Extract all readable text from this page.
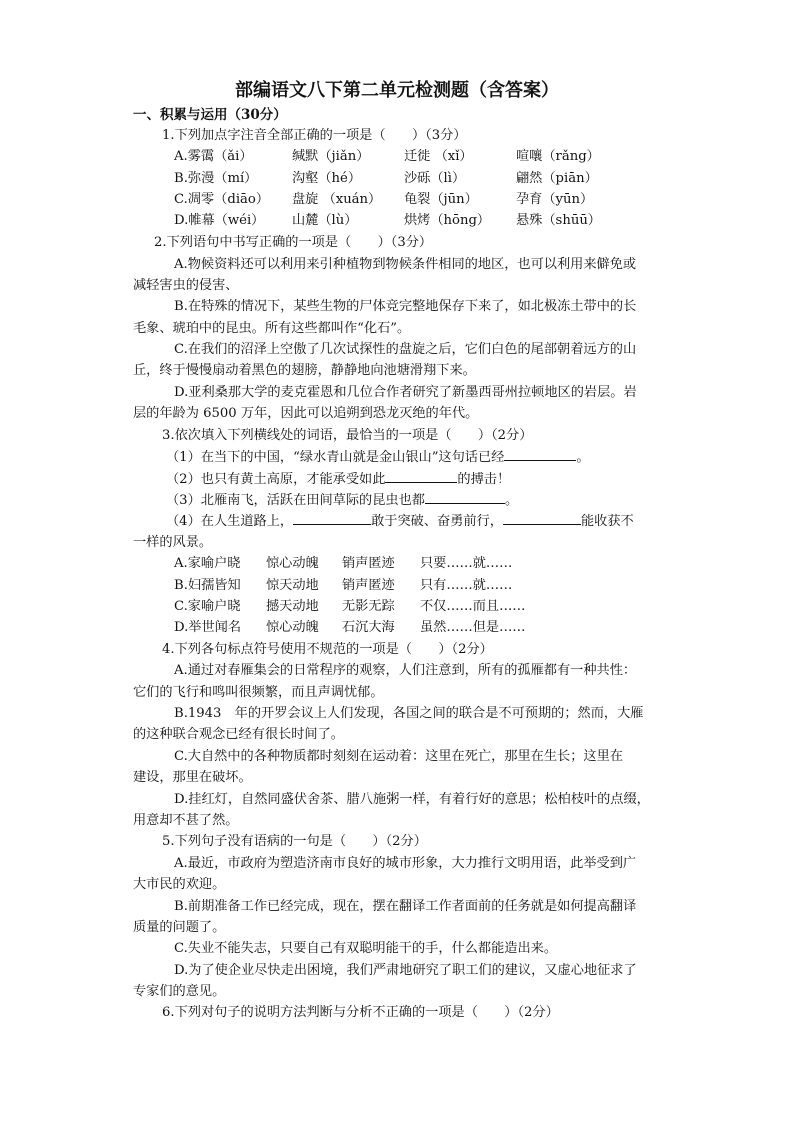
部编语文八下第二单元检测题（含答案）
一、积累与运用（30分）
1.下列加点字注音全部正确的一项是（　　）（3分）
A.雾霭（ǎi）	缄默（jiǎn）	迁徙 （xǐ）	喧嚷（rǎng）
B.弥漫（mí）	沟壑（hé）	沙砾（lì）	翩然（piān）
C.凋零（diāo） 盘旋 （xuán） 龟裂（jūn）	孕育（yūn）
D.帷幕（wéi） 山麓（lù）	烘烤（hōng） 悬殊（shūū）
2.下列语句中书写正确的一项是（　　）（3分）
A.物候资料还可以利用来引种植物到物候条件相同的地区，也可以利用来僻免或
减轻害虫的侵害、
B.在特殊的情况下，某些生物的尸体竞完整地保存下来了，如北极冻土带中的长
毛象、琥珀中的昆虫。所有这些都叫作“化石”。
C.在我们的沼泽上空傲了几次试探性的盘旋之后，它们白色的尾部朝着远方的山
丘，终于慢慢扇动着黑色的翅膀，静静地向池塘滑翔下来。
D.亚利桑那大学的麦克霍恩和几位合作者研究了新墨西哥州拉顿地区的岩层。岩
层的年龄为 6500 万年，因此可以追朔到恐龙灭绝的年代。
3.依次填入下列横线处的词语，最恰当的一项是（　　）（2分）
（1）在当下的中国，“绿水青山就是金山银山”这句话已经	。
（2）也只有黄土高原，才能承受如此	的搏击！
（3）北雁南飞，活跃在田间草际的昆虫也都	。
（4）在人生道路上，	敢于突破、奋勇前行，	能收获不
一样的风景。
A.家喻户晓 惊心动魄 销声匿迹 只要……就……
B.妇孺皆知 惊天动地 销声匿迹 只有……就……
C.家喻户晓 撼天动地 无影无踪 不仅……而且……
D.举世闻名 惊心动魄 石沉大海 虽然……但是……
4.下列各句标点符号使用不规范的一项是（　　）（2分）
A.通过对春雁集会的日常程序的观察，人们注意到，所有的孤雁都有一种共性：
它们的飞行和鸣叫很频繁，而且声调忧郁。
B.1943　年的开罗会议上人们发现，各国之间的联合是不可预期的；然而，大雁
的这种联合观念已经有很长时间了。
C.大自然中的各种物质都时刻刻在运动着：这里在死亡，那里在生长；这里在
建设，那里在破坏。
D.挂红灯，自然同盛伏舍茶、腊八施粥一样，有着行好的意思；松柏枝叶的点缀，
用意却不甚了然。
5.下列句子没有语病的一句是（　　）（2分）
A.最近，市政府为塑造济南市良好的城市形象，大力推行文明用语，此举受到广
大市民的欢迎。
B.前期准备工作已经完成，现在，摆在翻译工作者面前的任务就是如何提高翻译
质量的问题了。
C.失业不能失志，只要自己有双聪明能干的手，什么都能造出来。
D.为了使企业尽快走出困境，我们严肃地研究了职工们的建议，又虚心地征求了
专家们的意见。
6.下列对句子的说明方法判断与分析不正确的一项是（　　）（2分）
